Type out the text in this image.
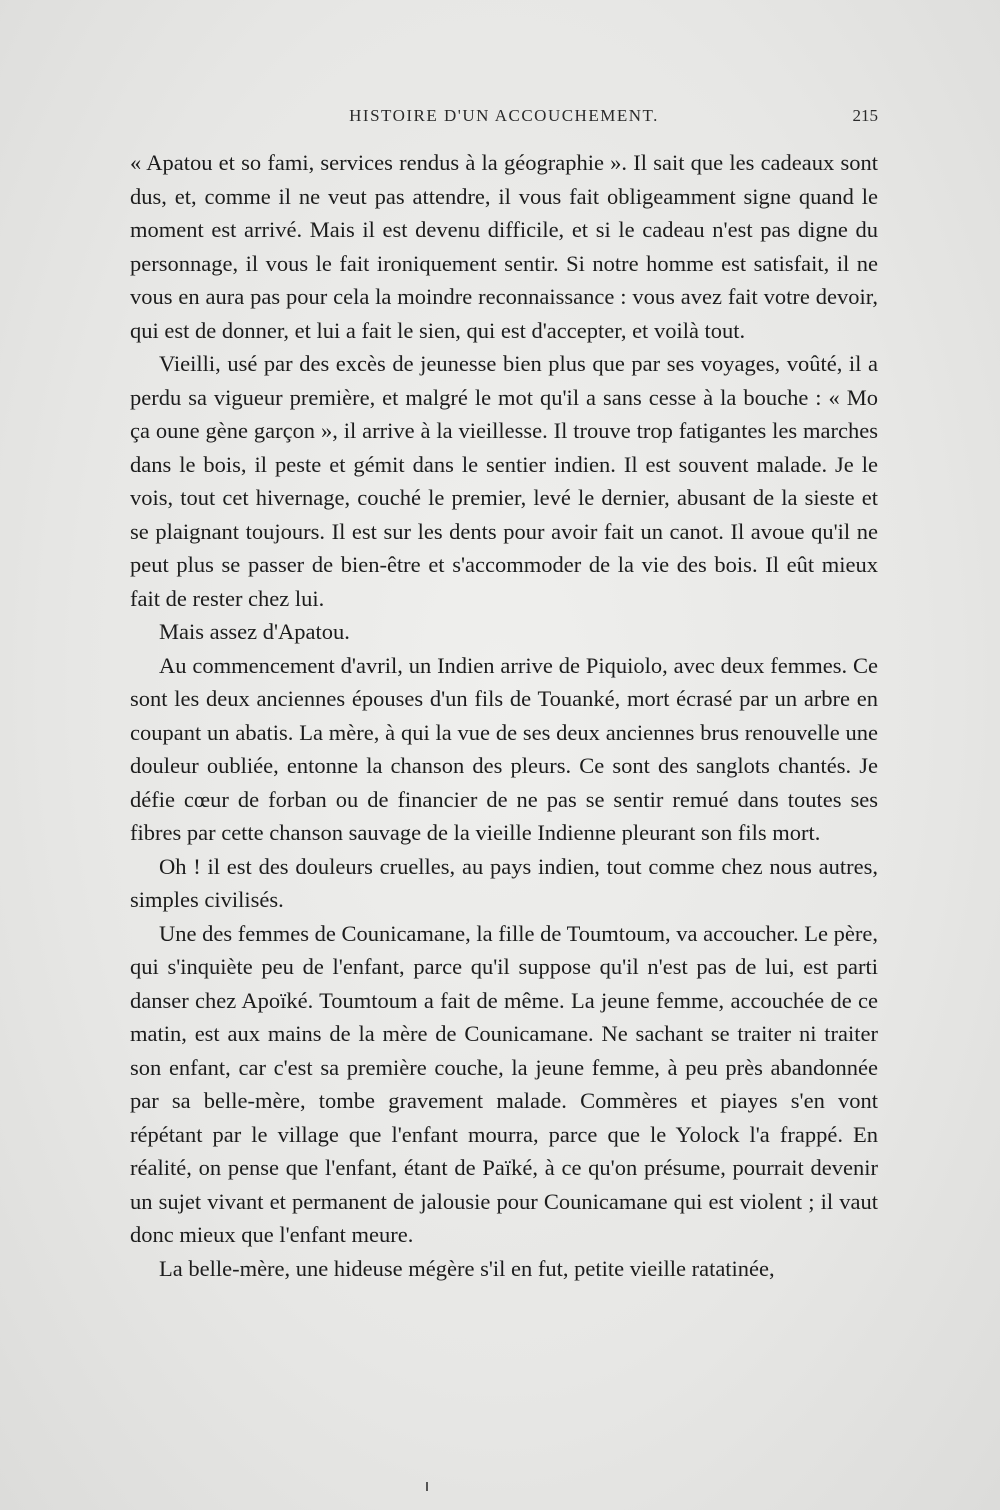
HISTOIRE D'UN ACCOUCHEMENT.	215

« Apatou et so fami, services rendus à la géographie ». Il sait que les cadeaux sont dus, et, comme il ne veut pas attendre, il vous fait obligeamment signe quand le moment est arrivé. Mais il est devenu difficile, et si le cadeau n'est pas digne du personnage, il vous le fait ironiquement sentir. Si notre homme est satisfait, il ne vous en aura pas pour cela la moindre reconnaissance : vous avez fait votre devoir, qui est de donner, et lui a fait le sien, qui est d'accepter, et voilà tout.

Vieilli, usé par des excès de jeunesse bien plus que par ses voyages, voûté, il a perdu sa vigueur première, et malgré le mot qu'il a sans cesse à la bouche : « Mo ça oune gène garçon », il arrive à la vieillesse. Il trouve trop fatigantes les marches dans le bois, il peste et gémit dans le sentier indien. Il est souvent malade. Je le vois, tout cet hivernage, couché le premier, levé le dernier, abusant de la sieste et se plaignant toujours. Il est sur les dents pour avoir fait un canot. Il avoue qu'il ne peut plus se passer de bien-être et s'accommoder de la vie des bois. Il eût mieux fait de rester chez lui.

Mais assez d'Apatou.

Au commencement d'avril, un Indien arrive de Piquiolo, avec deux femmes. Ce sont les deux anciennes épouses d'un fils de Touanké, mort écrasé par un arbre en coupant un abatis. La mère, à qui la vue de ses deux anciennes brus renouvelle une douleur oubliée, entonne la chanson des pleurs. Ce sont des sanglots chantés. Je défie cœur de forban ou de financier de ne pas se sentir remué dans toutes ses fibres par cette chanson sauvage de la vieille Indienne pleurant son fils mort.

Oh ! il est des douleurs cruelles, au pays indien, tout comme chez nous autres, simples civilisés.

Une des femmes de Counicamane, la fille de Toumtoum, va accoucher. Le père, qui s'inquiète peu de l'enfant, parce qu'il suppose qu'il n'est pas de lui, est parti danser chez Apoïké. Toumtoum a fait de même. La jeune femme, accouchée de ce matin, est aux mains de la mère de Counicamane. Ne sachant se traiter ni traiter son enfant, car c'est sa première couche, la jeune femme, à peu près abandonnée par sa belle-mère, tombe gravement malade. Commères et piayes s'en vont répétant par le village que l'enfant mourra, parce que le Yolock l'a frappé. En réalité, on pense que l'enfant, étant de Païké, à ce qu'on présume, pourrait devenir un sujet vivant et permanent de jalousie pour Counicamane qui est violent ; il vaut donc mieux que l'enfant meure.

La belle-mère, une hideuse mégère s'il en fut, petite vieille ratatinée,
